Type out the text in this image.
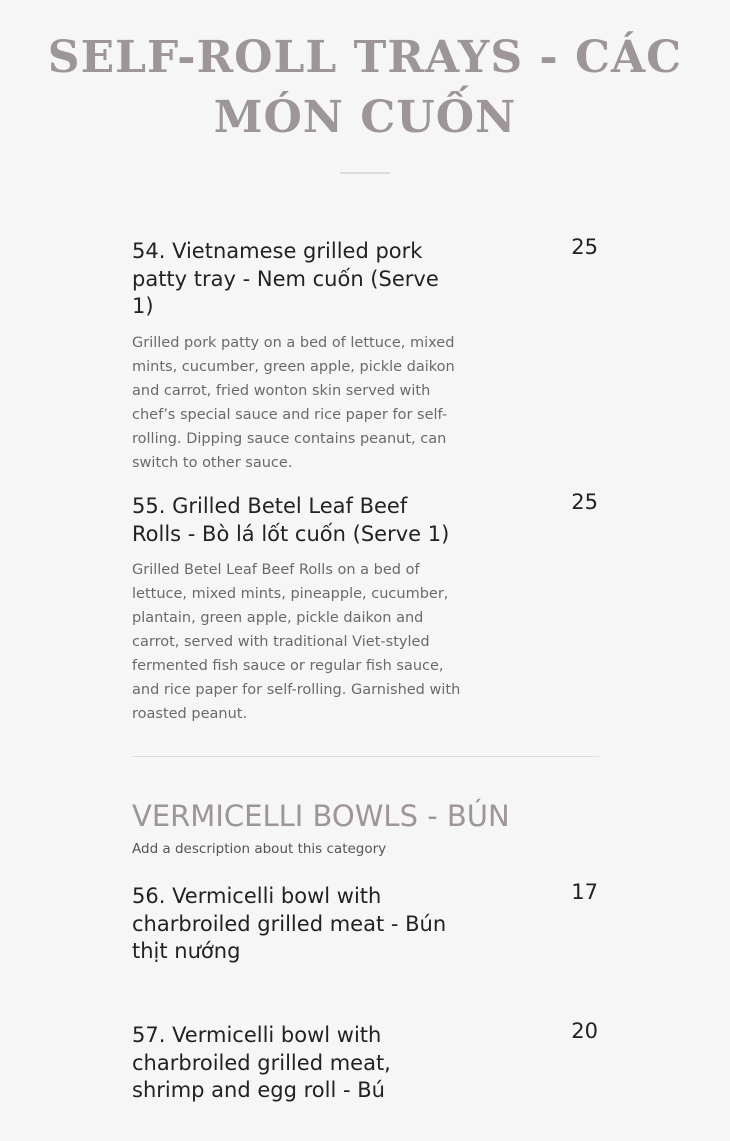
SELF-ROLL TRAYS - CÁC MÓN CUỐN
54. Vietnamese grilled pork patty tray - Nem cuốn (Serve 1)
25
Grilled pork patty on a bed of lettuce, mixed mints, cucumber, green apple, pickle daikon and carrot, fried wonton skin served with chef’s special sauce and rice paper for self-rolling. Dipping sauce contains peanut, can switch to other sauce.
55. Grilled Betel Leaf Beef Rolls - Bò lá lốt cuốn (Serve 1)
25
Grilled Betel Leaf Beef Rolls on a bed of lettuce, mixed mints, pineapple, cucumber, plantain, green apple, pickle daikon and carrot, served with traditional Viet-styled fermented fish sauce or regular fish sauce, and rice paper for self-rolling. Garnished with roasted peanut.
VERMICELLI BOWLS - BÚN
Add a description about this category
56. Vermicelli bowl with charbroiled grilled meat - Bún thịt nướng
17
57. Vermicelli bowl with charbroiled grilled meat, shrimp and egg roll - Bú
20
